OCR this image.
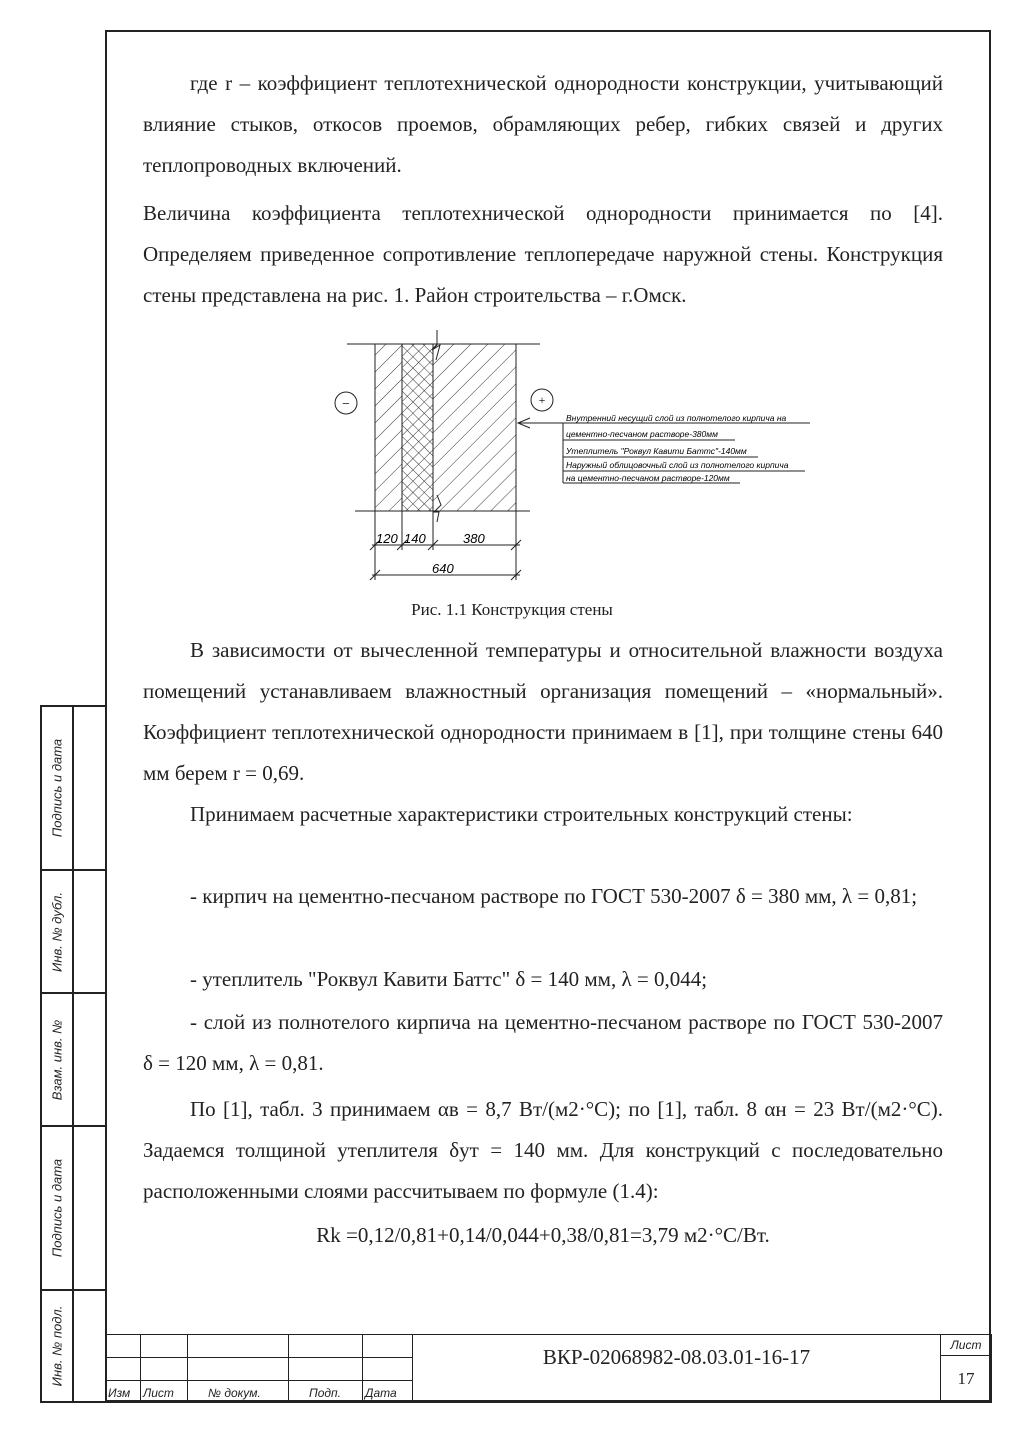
где r – коэффициент теплотехнической однородности конструкции, учитывающий влияние стыков, откосов проемов, обрамляющих ребер, гибких связей и других теплопроводных включений.
Величина коэффициента теплотехнической однородности принимается по [4]. Определяем приведенное сопротивление теплопередаче наружной стены. Конструкция стены представлена на рис. 1. Район строительства – г.Омск.
−	+
Внутренний несущий слой из полнотелого кирпича на
цементно-песчаном растворе-380мм
Утеплитель "Роквул Кавити Баттс"-140мм
Наружный облицовочный слой из полнотелого кирпича
на цементно-песчаном растворе-120мм
120 140	380
640
Рис. 1.1 Конструкция стены
В зависимости от вычесленной температуры и относительной влажности воздуха помещений устанавливаем влажностный организация помещений – «нормальный». Коэффициент теплотехнической однородности принимаем в [1], при толщине стены 640 мм берем r = 0,69.
Принимаем расчетные характеристики строительных конструкций стены:
- кирпич на цементно-песчаном растворе по ГОСТ 530-2007 δ = 380 мм, λ = 0,81;
- утеплитель "Роквул Кавити Баттс" δ = 140 мм, λ = 0,044;
- слой из полнотелого кирпича на цементно-песчаном растворе по ГОСТ 530-2007 δ = 120 мм, λ = 0,81.
По [1], табл. 3 принимаем αв = 8,7 Вт/(м2·°С); по [1], табл. 8 αн = 23 Вт/(м2·°С). Задаемся толщиной утеплителя δут = 140 мм. Для конструкций с последовательно расположенными слоями рассчитываем по формуле (1.4):
Rk =0,12/0,81+0,14/0,044+0,38/0,81=3,79 м2·°С/Вт.
Подпись и дата
Инв. № дубл.
Взам. инв. №
Подпись и дата
Инв. № подл.
Изм	Лист	№ докум.	Подп.	Дата
ВКР-02068982-08.03.01-16-17	Лист
17
